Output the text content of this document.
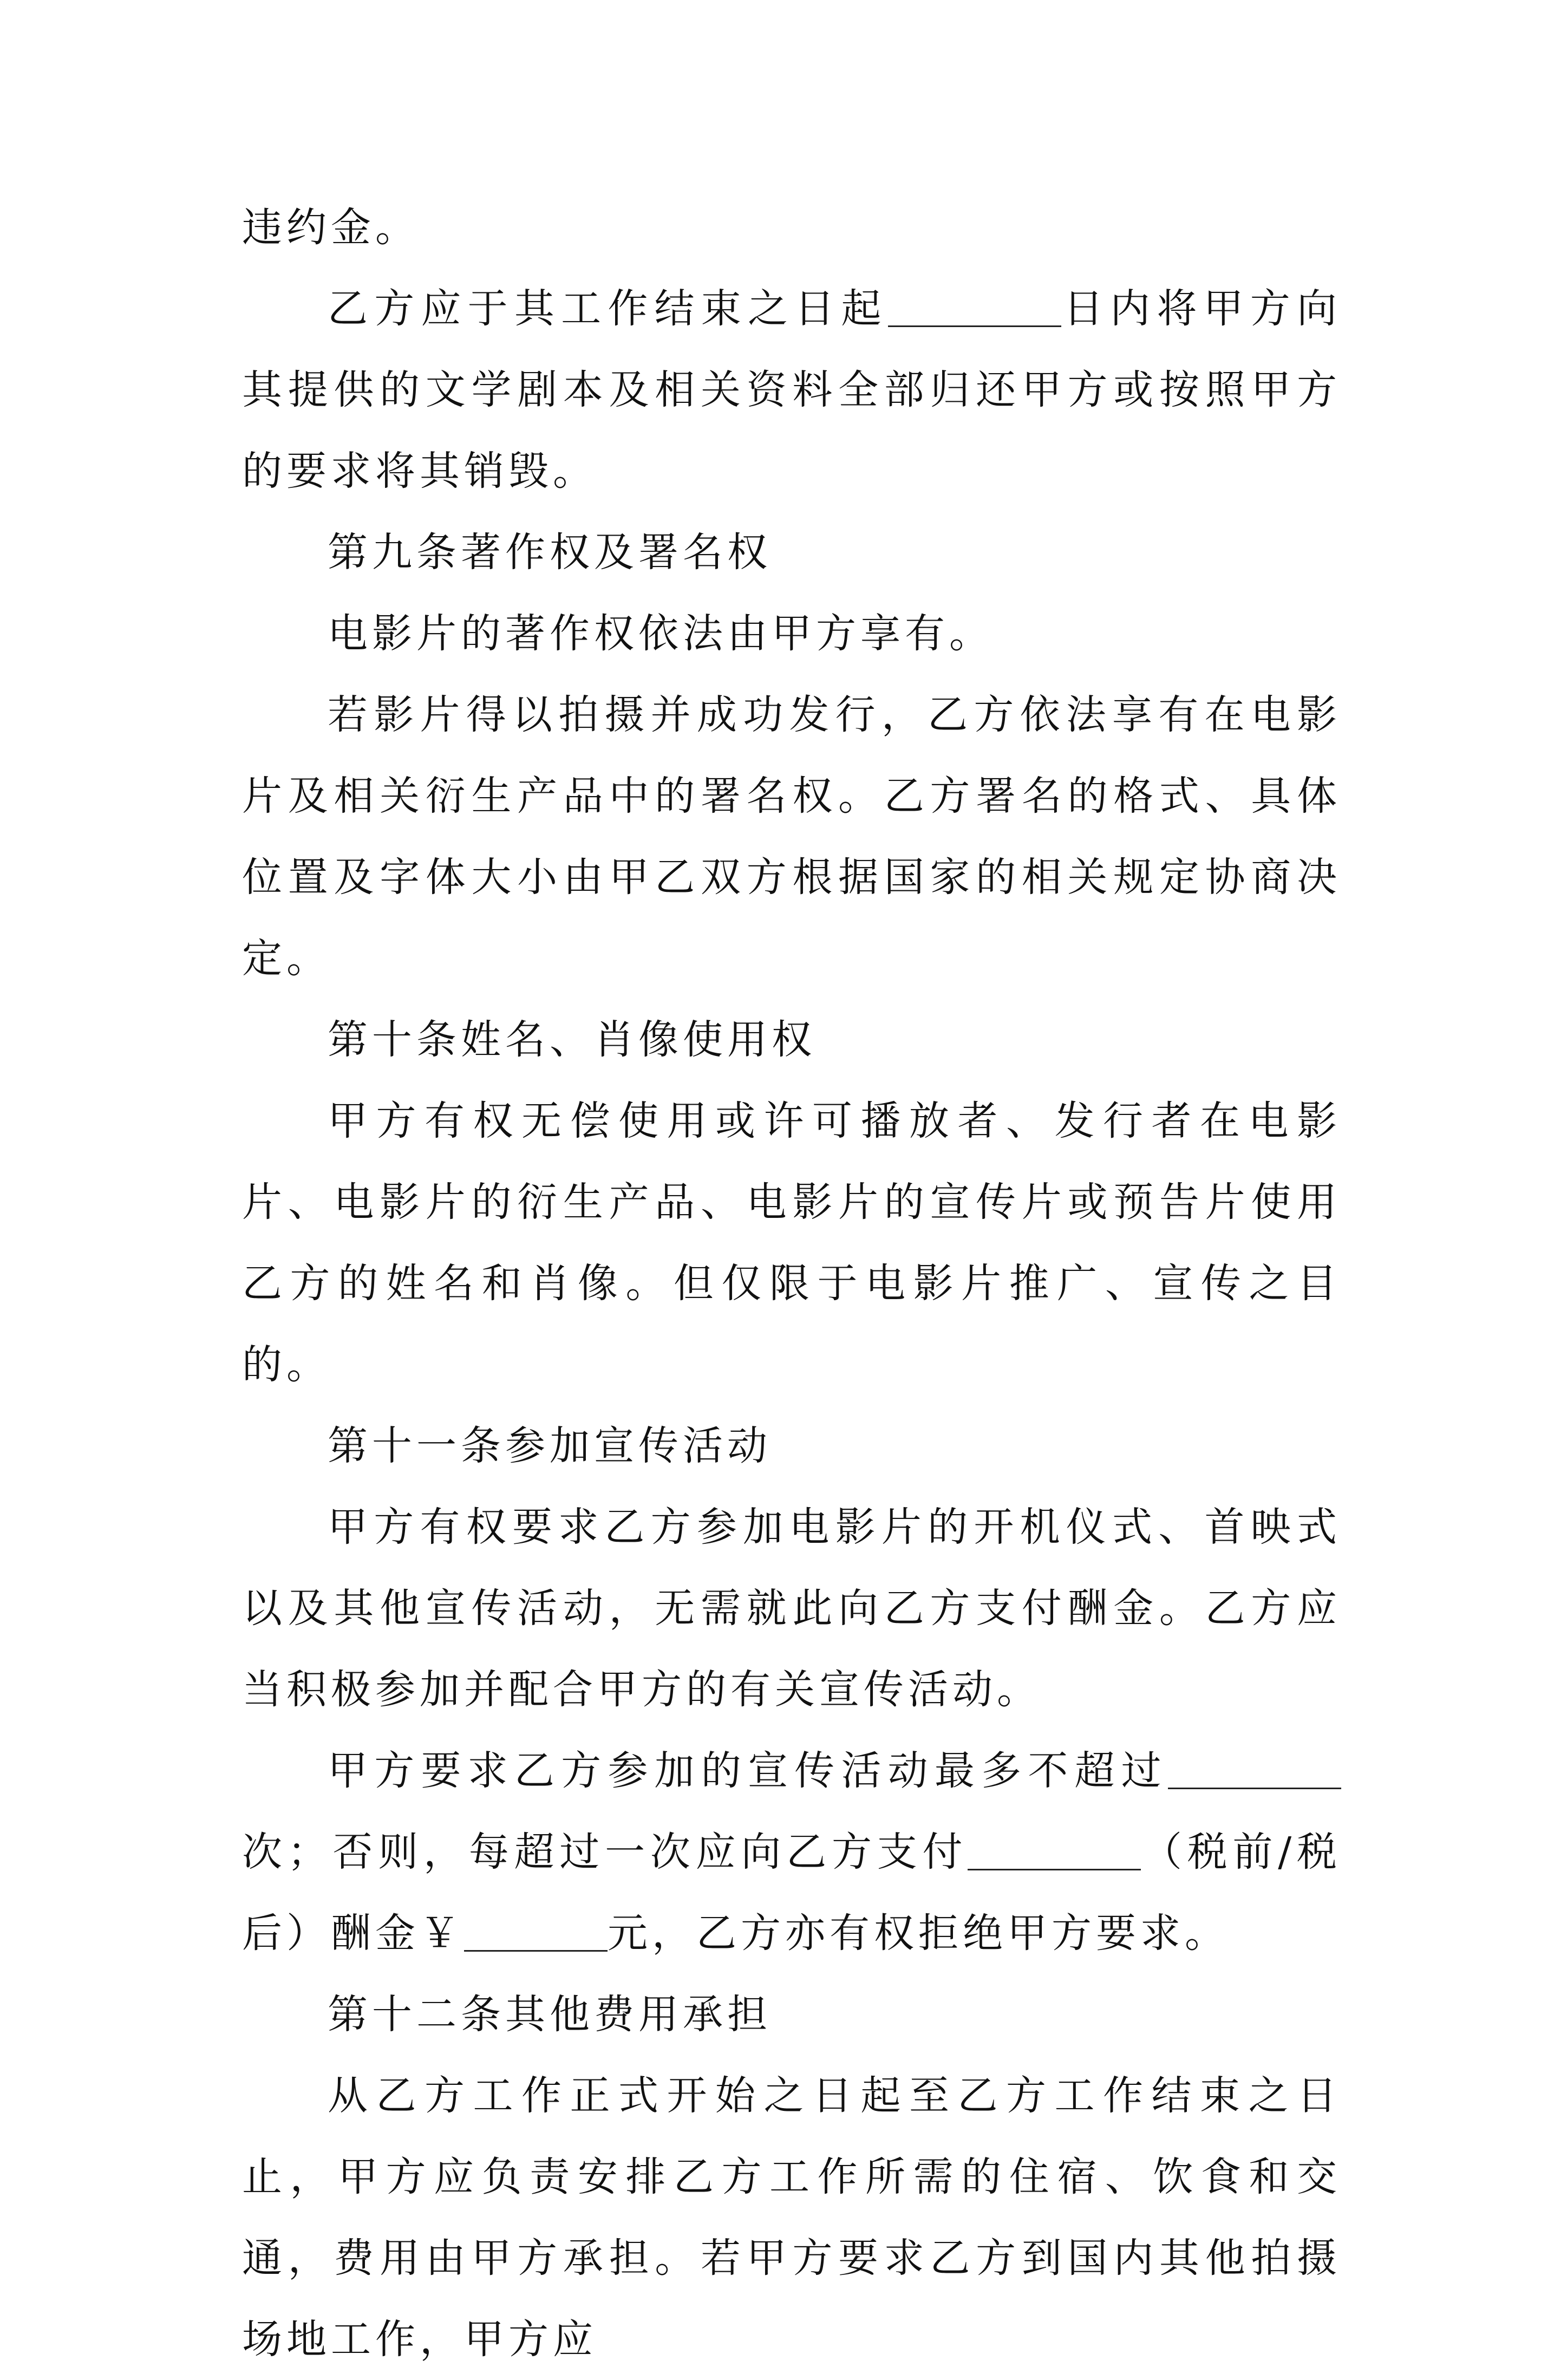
违约金。

乙方应于其工作结束之日起	日内将甲方向其提供的文学剧本及相关资料全部归还甲方或按照甲方的要求将其销毁。

第九条著作权及署名权

电影片的著作权依法由甲方享有。

若影片得以拍摄并成功发行，乙方依法享有在电影片及相关衍生产品中的署名权。乙方署名的格式、具体位置及字体大小由甲乙双方根据国家的相关规定协商决定。

第十条姓名、肖像使用权

甲方有权无偿使用或许可播放者、发行者在电影片、电影片的衍生产品、电影片的宣传片或预告片使用乙方的姓名和肖像。但仅限于电影片推广、宣传之目的。

第十一条参加宣传活动

甲方有权要求乙方参加电影片的开机仪式、首映式以及其他宣传活动，无需就此向乙方支付酬金。乙方应当积极参加并配合甲方的有关宣传活动。

甲方要求乙方参加的宣传活动最多不超过次；否则，每超过一次应向乙方支付	（税前/税后）酬金￥	元，乙方亦有权拒绝甲方要求。

第十二条其他费用承担

从乙方工作正式开始之日起至乙方工作结束之日止，甲方应负责安排乙方工作所需的住宿、饮食和交通，费用由甲方承担。若甲方要求乙方到国内其他拍摄场地工作，甲方应
